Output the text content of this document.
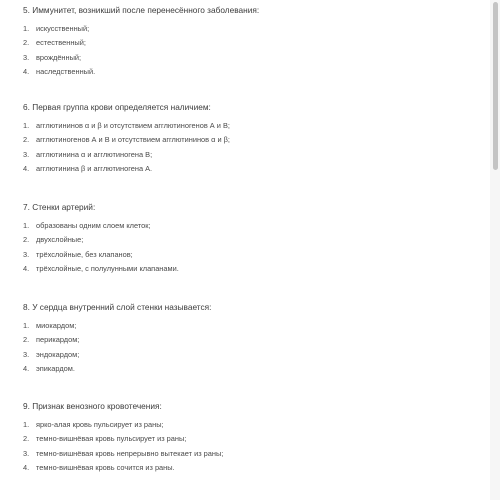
5. Иммунитет, возникший после перенесённого заболевания:

1. искусственный;
2. естественный;
3. врождённый;
4. наследственный.

6. Первая группа крови определяется наличием:

1. агглютининов α и β и отсутствием агглютиногенов А и В;
2. агглютиногенов А и В и отсутствием агглютининов α и β;
3. агглютинина α и агглютиногена В;
4. агглютинина β и агглютиногена А.

7. Стенки артерий:

1. образованы одним слоем клеток;
2. двухслойные;
3. трёхслойные, без клапанов;
4. трёхслойные, с полулунными клапанами.

8. У сердца внутренний слой стенки называется:

1. миокардом;
2. перикардом;
3. эндокардом;
4. эпикардом.

9. Признак венозного кровотечения:

1. ярко-алая кровь пульсирует из раны;
2. темно-вишнёвая кровь пульсирует из раны;
3. темно-вишнёвая кровь непрерывно вытекает из раны;
4. темно-вишнёвая кровь сочится из раны.
